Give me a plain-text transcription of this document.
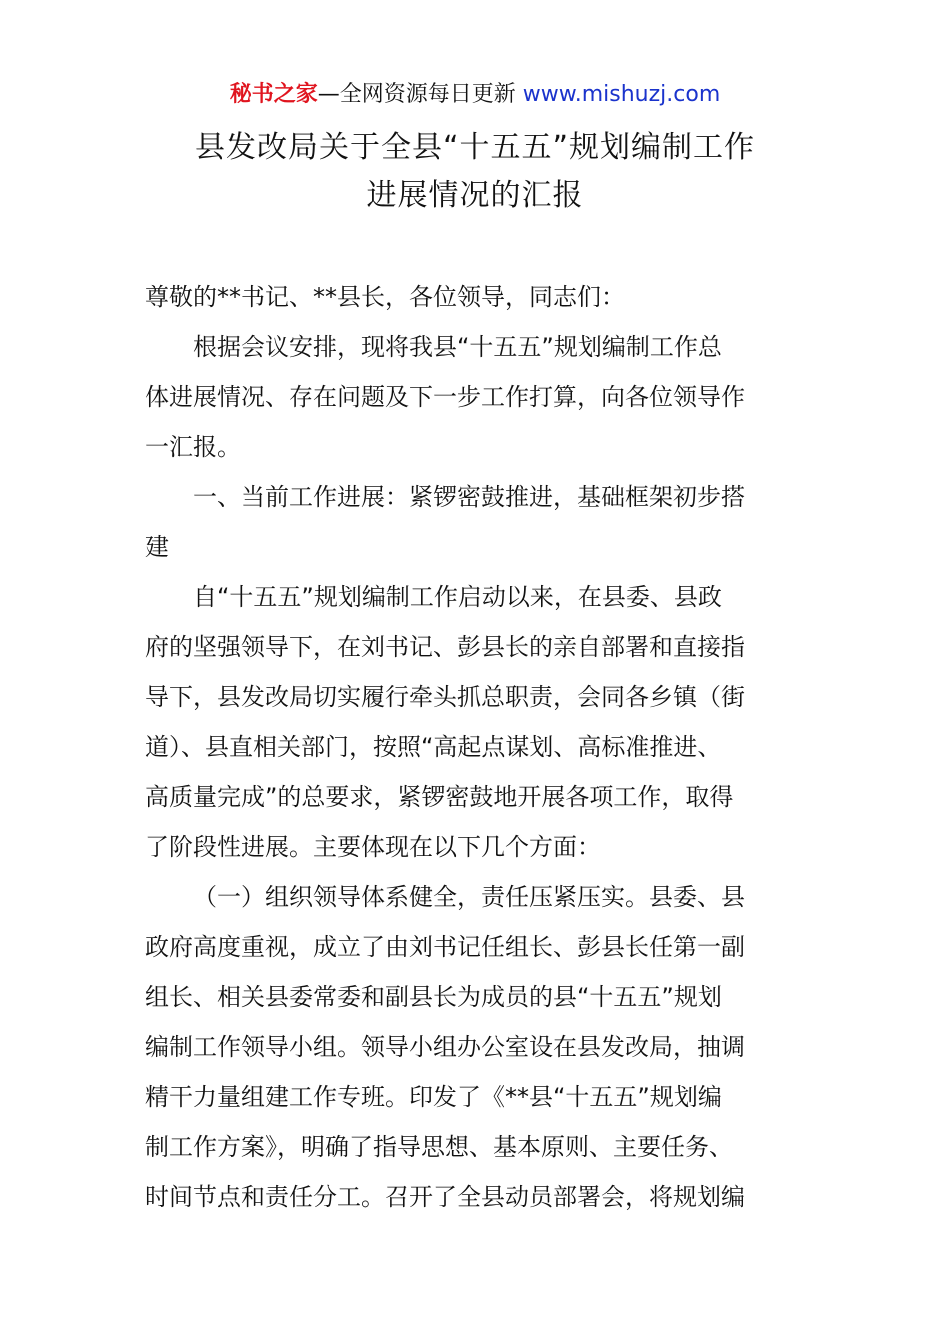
秘书之家—全网资源每日更新 www.mishuzj.com
县发改局关于全县“十五五”规划编制工作
进展情况的汇报

尊敬的**书记、**县长，各位领导，同志们：

根据会议安排，现将我县“十五五”规划编制工作总

体进展情况、存在问题及下一步工作打算，向各位领导作

一汇报。

一、当前工作进展：紧锣密鼓推进，基础框架初步搭

建

自“十五五”规划编制工作启动以来，在县委、县政

府的坚强领导下，在刘书记、彭县长的亲自部署和直接指

导下，县发改局切实履行牵头抓总职责，会同各乡镇（街

道）、县直相关部门，按照“高起点谋划、高标准推进、

高质量完成”的总要求，紧锣密鼓地开展各项工作，取得

了阶段性进展。主要体现在以下几个方面：

（一）组织领导体系健全，责任压紧压实。县委、县

政府高度重视，成立了由刘书记任组长、彭县长任第一副

组长、相关县委常委和副县长为成员的县“十五五”规划

编制工作领导小组。领导小组办公室设在县发改局，抽调

精干力量组建工作专班。印发了《**县“十五五”规划编

制工作方案》，明确了指导思想、基本原则、主要任务、

时间节点和责任分工。召开了全县动员部署会，将规划编
